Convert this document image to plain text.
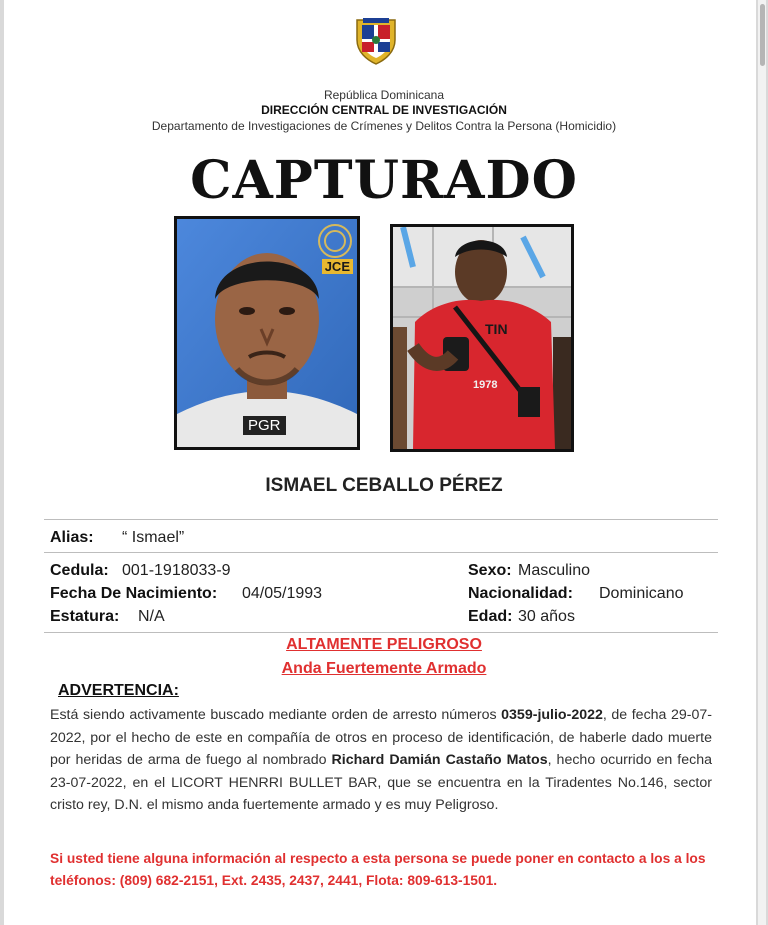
República Dominicana
DIRECCIÓN CENTRAL DE INVESTIGACIÓN
Departamento de Investigaciones de Crímenes y Delitos Contra la Persona (Homicidio)
CAPTURADO
JCE
PGR
TIN
1978
ISMAEL CEBALLO PÉREZ
Alias: “ Ismael”
Cedula: 001-1918033-9
Fecha De Nacimiento: 04/05/1993
Estatura: N/A
Sexo: Masculino
Nacionalidad: Dominicano
Edad: 30 años
ALTAMENTE PELIGROSO
Anda Fuertemente Armado
ADVERTENCIA:
Está siendo activamente buscado mediante orden de arresto números 0359-julio-2022, de fecha 29-07-2022, por el hecho de este en compañía de otros en proceso de identificación, de haberle dado muerte por heridas de arma de fuego al nombrado Richard Damián Castaño Matos, hecho ocurrido en fecha 23-07-2022, en el LICORT HENRRI BULLET BAR, que se encuentra en la Tiradentes No.146, sector cristo rey, D.N. el mismo anda fuertemente armado y es muy Peligroso.
Si usted tiene alguna información al respecto a esta persona se puede poner en contacto a los a los teléfonos: (809) 682-2151, Ext. 2435, 2437, 2441, Flota: 809-613-1501.
